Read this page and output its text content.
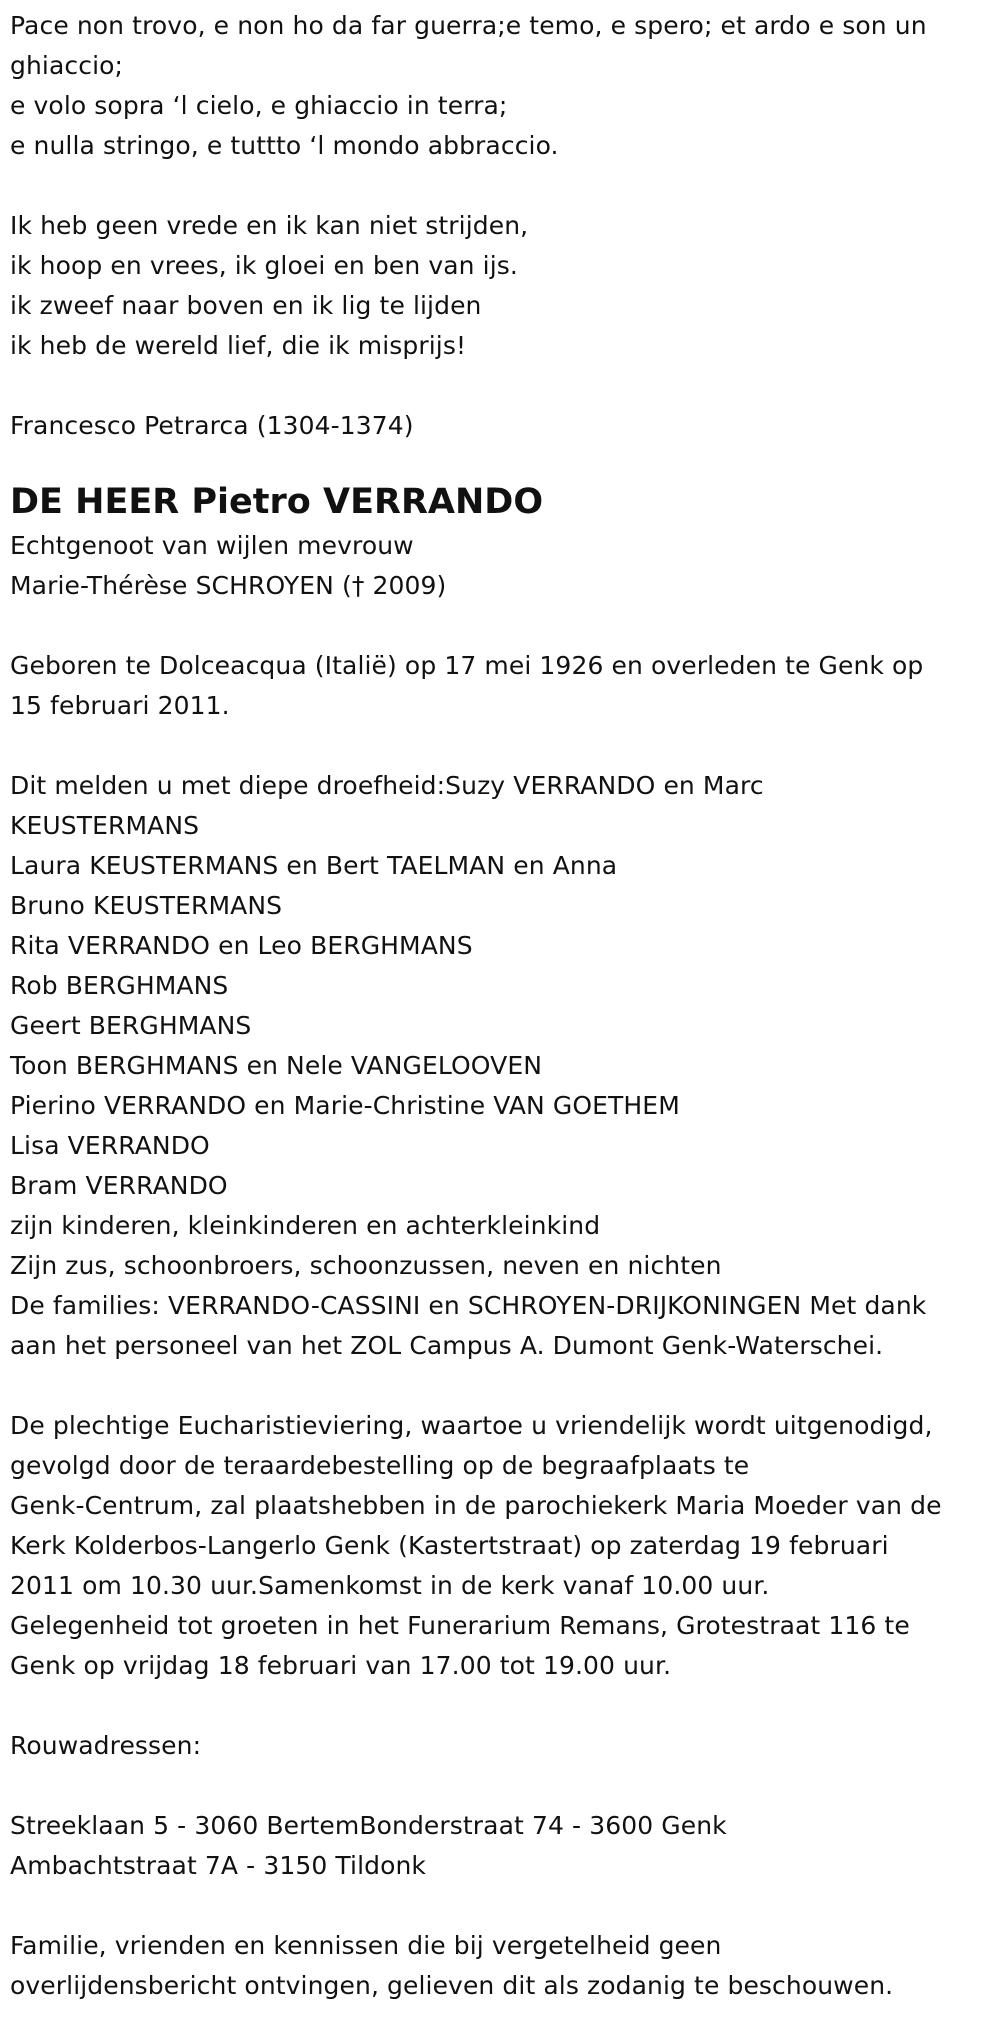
Pace non trovo, e non ho da far guerra;e temo, e spero; et ardo e son un
ghiaccio;
e volo sopra ‘l cielo, e ghiaccio in terra;
e nulla stringo, e tuttto ‘l mondo abbraccio.
Ik heb geen vrede en ik kan niet strijden,
ik hoop en vrees, ik gloei en ben van ijs.
ik zweef naar boven en ik lig te lijden
ik heb de wereld lief, die ik misprijs!
Francesco Petrarca (1304-1374)
DE HEER Pietro VERRANDO
Echtgenoot van wijlen mevrouw
Marie-Thérèse SCHROYEN († 2009)
Geboren te Dolceacqua (Italië) op 17 mei 1926 en overleden te Genk op
15 februari 2011.
Dit melden u met diepe droefheid:Suzy VERRANDO en Marc
KEUSTERMANS
Laura KEUSTERMANS en Bert TAELMAN en Anna
Bruno KEUSTERMANS
Rita VERRANDO en Leo BERGHMANS
Rob BERGHMANS
Geert BERGHMANS
Toon BERGHMANS en Nele VANGELOOVEN
Pierino VERRANDO en Marie-Christine VAN GOETHEM
Lisa VERRANDO
Bram VERRANDO
zijn kinderen, kleinkinderen en achterkleinkind
Zijn zus, schoonbroers, schoonzussen, neven en nichten
De families: VERRANDO-CASSINI en SCHROYEN-DRIJKONINGEN Met dank
aan het personeel van het ZOL Campus A. Dumont Genk-Waterschei.
De plechtige Eucharistieviering, waartoe u vriendelijk wordt uitgenodigd,
gevolgd door de teraardebestelling op de begraafplaats te
Genk-Centrum, zal plaatshebben in de parochiekerk Maria Moeder van de
Kerk Kolderbos-Langerlo Genk (Kastertstraat) op zaterdag 19 februari
2011 om 10.30 uur.Samenkomst in de kerk vanaf 10.00 uur.
Gelegenheid tot groeten in het Funerarium Remans, Grotestraat 116 te
Genk op vrijdag 18 februari van 17.00 tot 19.00 uur.
Rouwadressen:
Streeklaan 5 - 3060 BertemBonderstraat 74 - 3600 Genk
Ambachtstraat 7A - 3150 Tildonk
Familie, vrienden en kennissen die bij vergetelheid geen
overlijdensbericht ontvingen, gelieven dit als zodanig te beschouwen.
